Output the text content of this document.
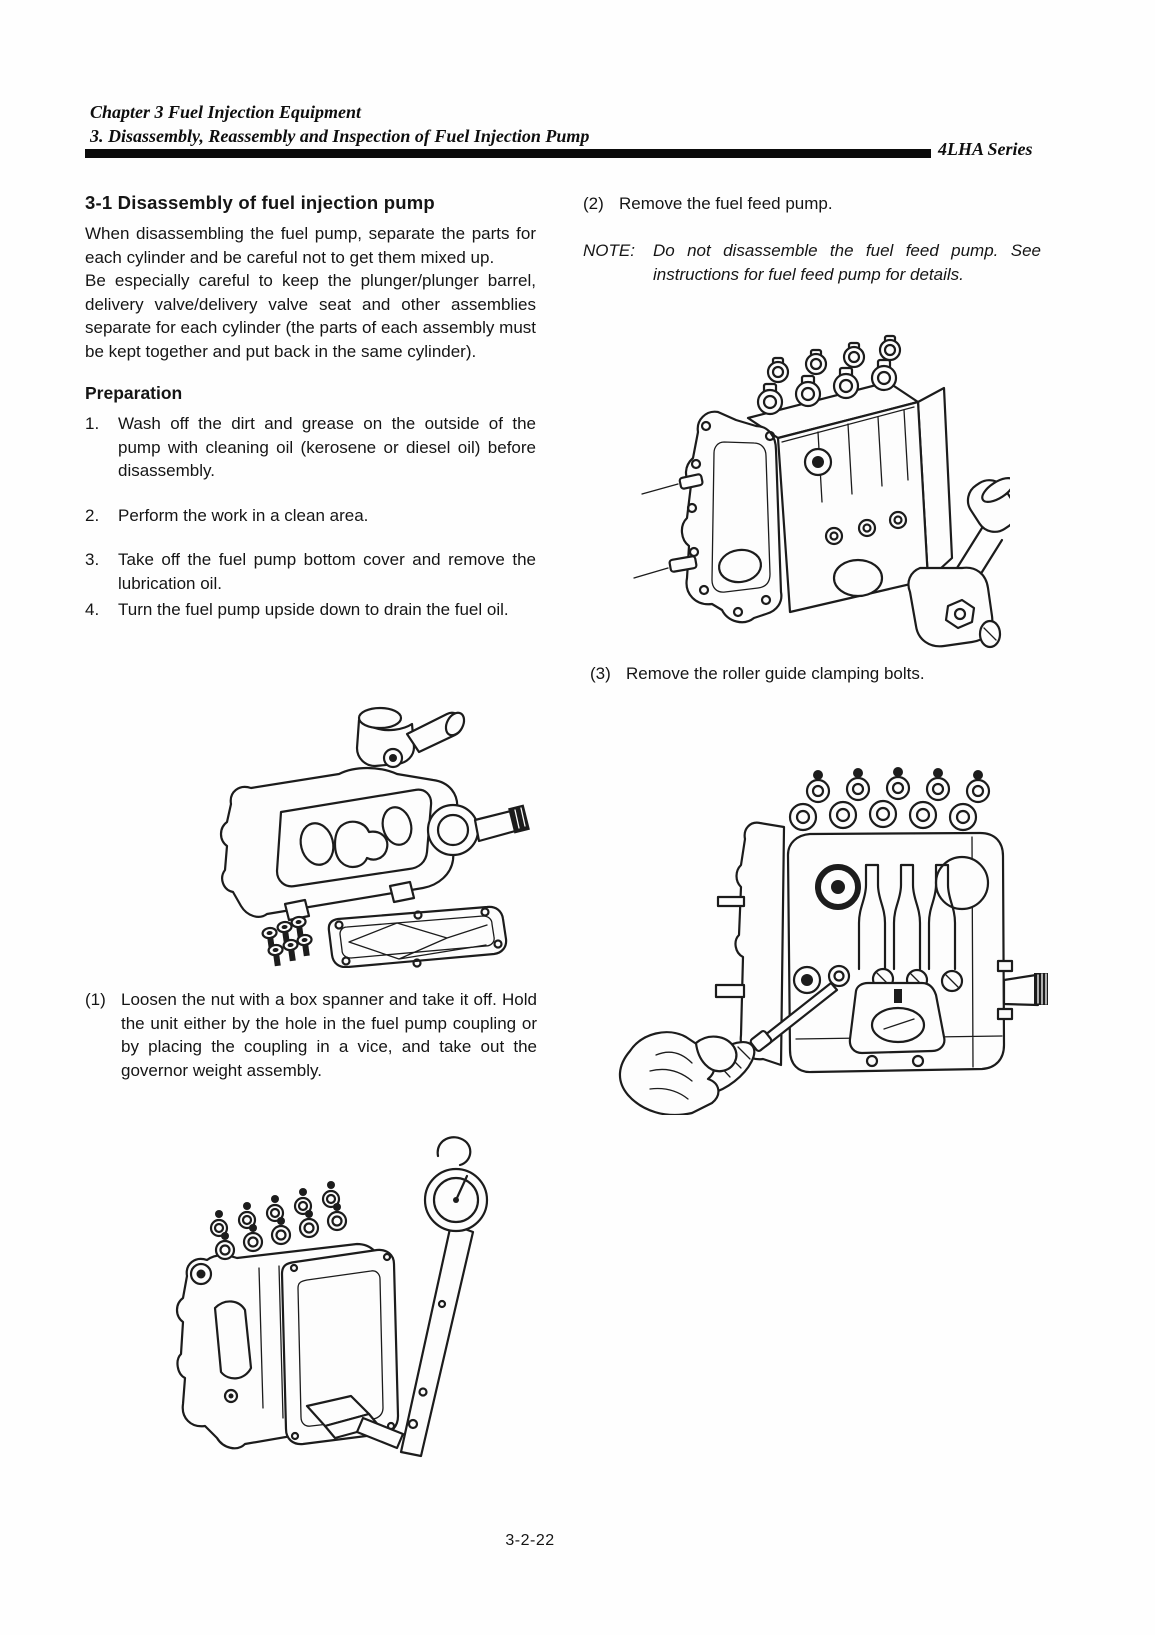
Chapter 3 Fuel Injection Equipment
3. Disassembly, Reassembly and Inspection of Fuel Injection Pump
4LHA Series
3-1 Disassembly of fuel injection pump

When disassembling the fuel pump, separate the parts for each cylinder and be careful not to get them mixed up.

Be especially careful to keep the plunger/plunger barrel, delivery valve/delivery valve seat and other assemblies separate for each cylinder (the parts of each assembly must be kept together and put back in the same cylinder).

Preparation
1.	Wash off the dirt and grease on the outside of the pump with cleaning oil (kerosene or diesel oil) before disassembly.
2.	Perform the work in a clean area.
3.	Take off the fuel pump bottom cover and remove the lubrication oil.
4.	Turn the fuel pump upside down to drain the fuel oil.
(2) Remove the fuel feed pump.
NOTE:	Do not disassemble the fuel feed pump. See instructions for fuel feed pump for details.
(3) Remove the roller guide clamping bolts.
(1) Loosen the nut with a box spanner and take it off. Hold the unit either by the hole in the fuel pump coupling or by placing the coupling in a vice, and take out the governor weight assembly.
3-2-22
